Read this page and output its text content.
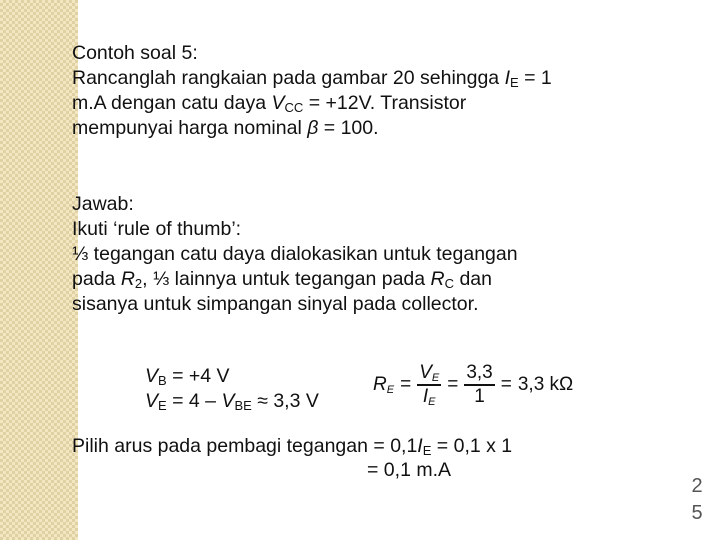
Contoh soal 5:
Rancanglah rangkaian pada gambar 20 sehingga $I_E = 1$
m.A dengan catu daya $V_{CC} = +12V$. Transistor
mempunyai harga nominal β = 100.
Jawab:
Ikuti ‘rule of thumb’:
⅓ tegangan catu daya dialokasikan untuk tegangan
pada $R_2$, ⅓ lainnya untuk tegangan pada $R_C$ dan
sisanya untuk simpangan sinyal pada collector.
$V_B = +4$ V
$V_E = 4 - V_{BE} \approx 3,3$ V
RE = $\frac{VE}{IE} = \frac{3,3}{1} = 3,3$ kΩ
Pilih arus pada pembagi tegangan = $0,1I_E = 0,1$ x 1
= 0,1 m.A
2
5
